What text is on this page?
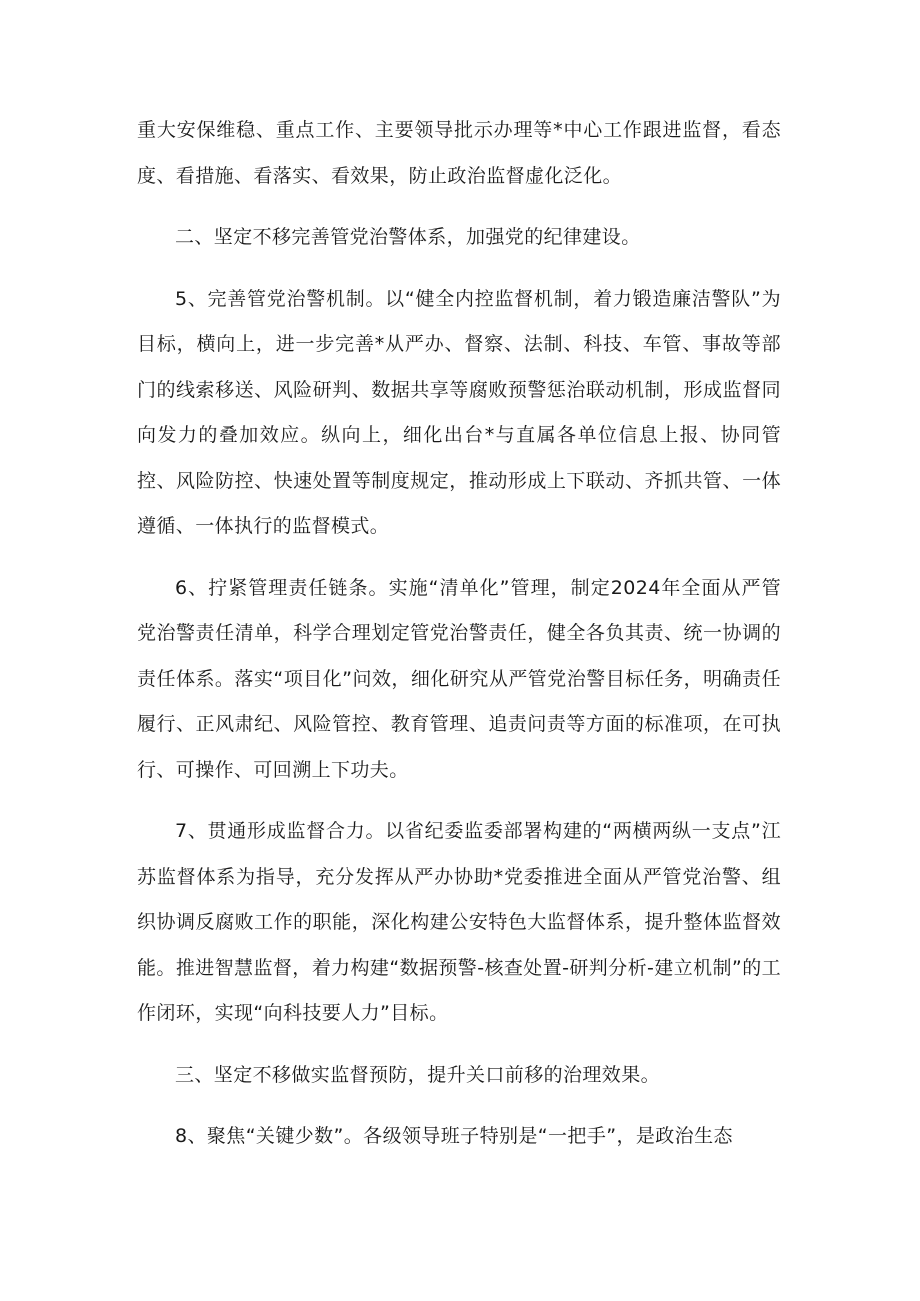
重大安保维稳、重点工作、主要领导批示办理等*中心工作跟进监督，看态度、看措施、看落实、看效果，防止政治监督虚化泛化。

二、坚定不移完善管党治警体系，加强党的纪律建设。

5、完善管党治警机制。以“健全内控监督机制，着力锻造廉洁警队”为目标，横向上，进一步完善*从严办、督察、法制、科技、车管、事故等部门的线索移送、风险研判、数据共享等腐败预警惩治联动机制，形成监督同向发力的叠加效应。纵向上，细化出台*与直属各单位信息上报、协同管控、风险防控、快速处置等制度规定，推动形成上下联动、齐抓共管、一体遵循、一体执行的监督模式。

6、拧紧管理责任链条。实施“清单化”管理，制定2024年全面从严管党治警责任清单，科学合理划定管党治警责任，健全各负其责、统一协调的责任体系。落实“项目化”问效，细化研究从严管党治警目标任务，明确责任履行、正风肃纪、风险管控、教育管理、追责问责等方面的标准项，在可执行、可操作、可回溯上下功夫。

7、贯通形成监督合力。以省纪委监委部署构建的“两横两纵一支点”江苏监督体系为指导，充分发挥从严办协助*党委推进全面从严管党治警、组织协调反腐败工作的职能，深化构建公安特色大监督体系，提升整体监督效能。推进智慧监督，着力构建“数据预警-核查处置-研判分析-建立机制”的工作闭环，实现“向科技要人力”目标。

三、坚定不移做实监督预防，提升关口前移的治理效果。

8、聚焦“关键少数”。各级领导班子特别是“一把手”，是政治生态
